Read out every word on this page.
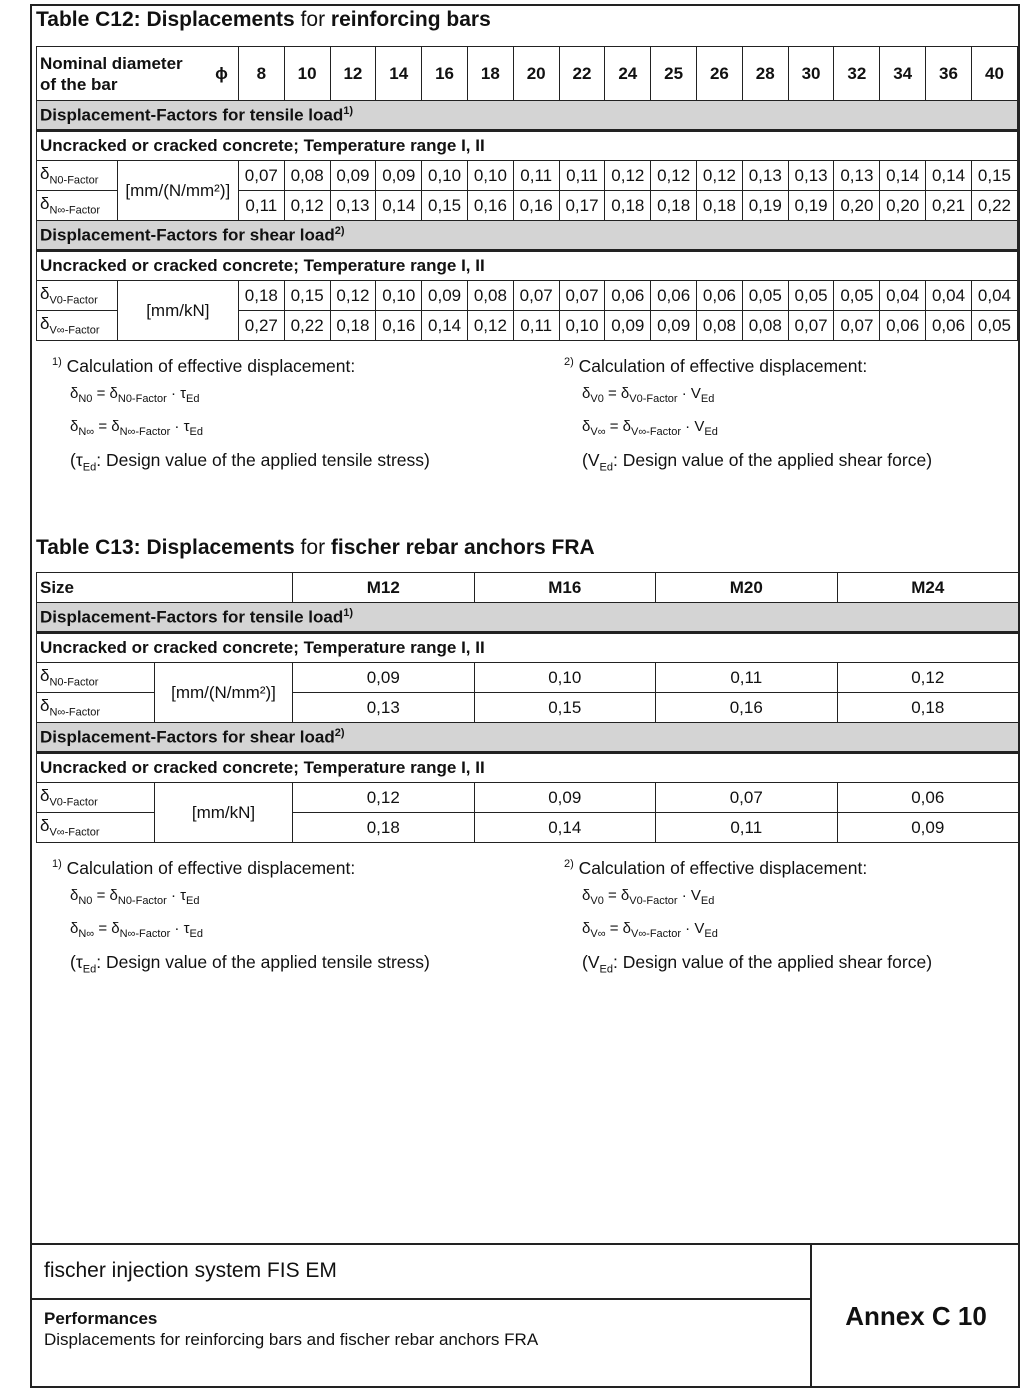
Table C12: Displacements for reinforcing bars
Nominal diameter
of the bar
ϕ		8	10	12	14	16	18	20	22	24	25	26	28	30	32	34	36	40
Displacement-Factors for tensile load$^{1)}$
Uncracked or cracked concrete; Temperature range I, II																		
$\delta_{N0-Factor}$	[mm/(N/mm²)]	0,07	0,08	0,09	0,09	0,10	0,10	0,11	0,11	0,12	0,12	0,12	0,13	0,13	0,13	0,14	0,14	0,15
$\delta_{N\infty-Factor}$		0,11	0,12	0,13	0,14	0,15	0,16	0,16	0,17	0,18	0,18	0,18	0,19	0,19	0,20	0,20	0,21	0,22
Displacement-Factors for shear load$^{2)}$
Uncracked or cracked concrete; Temperature range I, II																		
$\delta_{V0-Factor}$	[mm/kN]	0,18	0,15	0,12	0,10	0,09	0,08	0,07	0,07	0,06	0,06	0,06	0,05	0,05	0,05	0,04	0,04	0,04
$\delta_{V\infty-Factor}$		0,27	0,22	0,18	0,16	0,14	0,12	0,11	0,10	0,09	0,09	0,08	0,08	0,07	0,07	0,06	0,06	0,05
$^{1)}$ Calculation of effective displacement:
$\delta_{N0} = \delta_{N0-Factor} \cdot \tau_{Ed}$
$\delta_{N\infty} = \delta_{N\infty-Factor} \cdot \tau_{Ed}$
($\tau_{Ed}$: Design value of the applied tensile stress)
$^{2)}$ Calculation of effective displacement:
$\delta_{V0} = \delta_{V0-Factor} \cdot V_{Ed}$
$\delta_{V\infty} = \delta_{V\infty-Factor} \cdot V_{Ed}$
($V_{Ed}$: Design value of the applied shear force)
Table C13: Displacements for fischer rebar anchors FRA
Size		M12	M16	M20	M24
Displacement-Factors for tensile load$^{1)}$
Uncracked or cracked concrete; Temperature range I, II					
$\delta_{N0-Factor}$	[mm/(N/mm²)]	0,09	0,10	0,11	0,12
$\delta_{N\infty-Factor}$		0,13	0,15	0,16	0,18
Displacement-Factors for shear load$^{2)}$
Uncracked or cracked concrete; Temperature range I, II					
$\delta_{V0-Factor}$	[mm/kN]	0,12	0,09	0,07	0,06
$\delta_{V\infty-Factor}$		0,18	0,14	0,11	0,09
$^{1)}$ Calculation of effective displacement:
$\delta_{N0} = \delta_{N0-Factor} \cdot \tau_{Ed}$
$\delta_{N\infty} = \delta_{N\infty-Factor} \cdot \tau_{Ed}$
($\tau_{Ed}$: Design value of the applied tensile stress)
$^{2)}$ Calculation of effective displacement:
$\delta_{V0} = \delta_{V0-Factor} \cdot V_{Ed}$
$\delta_{V\infty} = \delta_{V\infty-Factor} \cdot V_{Ed}$
($V_{Ed}$: Design value of the applied shear force)
fischer injection system FIS EM
Performances
Displacements for reinforcing bars and fischer rebar anchors FRA
Annex C 10
